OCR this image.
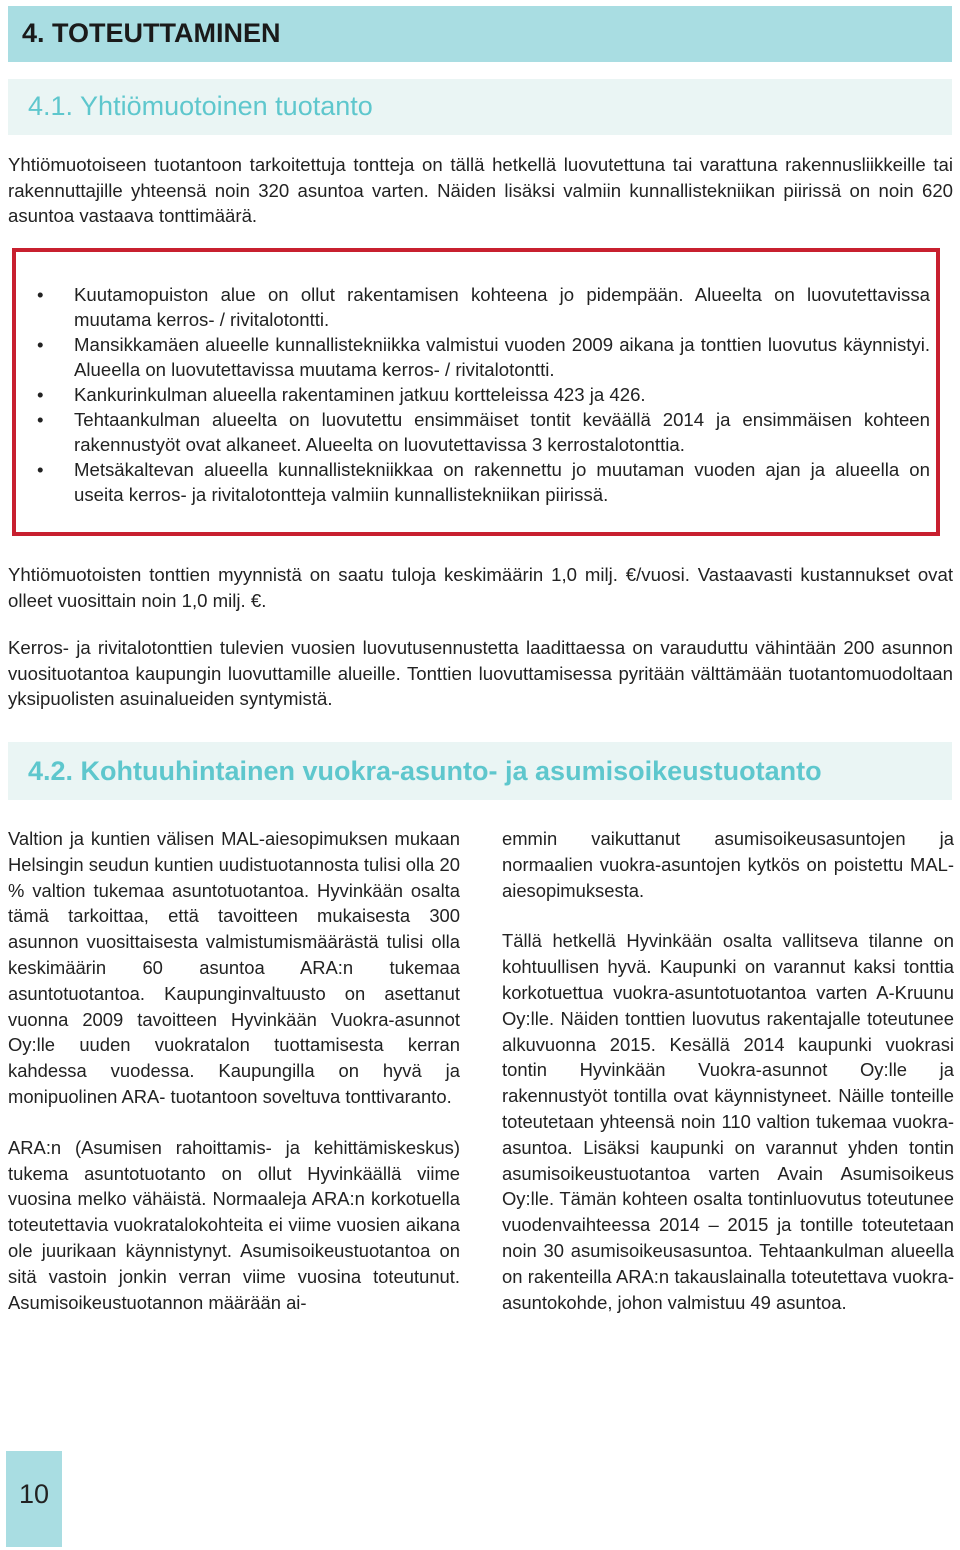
4. TOTEUTTAMINEN
4.1. Yhtiömuotoinen tuotanto

Yhtiömuotoiseen tuotantoon tarkoitettuja tontteja on tällä hetkellä luovutettuna tai varattuna rakennusliikkeille tai rakennuttajille yhteensä noin 320 asuntoa varten. Näiden lisäksi valmiin kunnallistekniikan piirissä on noin 620 asuntoa vastaava tonttimäärä.

• Kuutamopuiston alue on ollut rakentamisen kohteena jo pidempään. Alueelta on luovutettavissa muutama kerros- / rivitalotontti.
• Mansikkamäen alueelle kunnallistekniikka valmistui vuoden 2009 aikana ja tonttien luovutus käynnistyi. Alueella on luovutettavissa muutama kerros- / rivitalotontti.
• Kankurinkulman alueella rakentaminen jatkuu kortteleissa 423 ja 426.
• Tehtaankulman alueelta on luovutettu ensimmäiset tontit keväällä 2014 ja ensimmäisen kohteen rakennustyöt ovat alkaneet. Alueelta on luovutettavissa 3 kerrostalotonttia.
• Metsäkaltevan alueella kunnallistekniikkaa on rakennettu jo muutaman vuoden ajan ja alueella on useita kerros- ja rivitalotontteja valmiin kunnallistekniikan piirissä.

Yhtiömuotoisten tonttien myynnistä on saatu tuloja keskimäärin 1,0 milj. €/vuosi. Vastaavasti kustannukset ovat olleet vuosittain noin 1,0 milj. €.

Kerros- ja rivitalotonttien tulevien vuosien luovutusennustetta laadittaessa on varauduttu vähintään 200 asunnon vuosituotantoa kaupungin luovuttamille alueille. Tonttien luovuttamisessa pyritään välttämään tuotantomuodoltaan yksipuolisten asuinalueiden syntymistä.

4.2. Kohtuuhintainen vuokra-asunto- ja asumisoikeustuotanto

Valtion ja kuntien välisen MAL-aiesopimuksen mukaan Helsingin seudun kuntien uudistuotannosta tulisi olla 20 % valtion tukemaa asuntotuotantoa. Hyvinkään osalta tämä tarkoittaa, että tavoitteen mukaisesta 300 asunnon vuosittaisesta valmistumismäärästä tulisi olla keskimäärin 60 asuntoa ARA:n tukemaa asuntotuotantoa. Kaupunginvaltuusto on asettanut vuonna 2009 tavoitteen Hyvinkään Vuokra-asunnot Oy:lle uuden vuokratalon tuottamisesta kerran kahdessa vuodessa. Kaupungilla on hyvä ja monipuolinen ARA- tuotantoon soveltuva tonttivaranto.

ARA:n (Asumisen rahoittamis- ja kehittämiskeskus) tukema asuntotuotanto on ollut Hyvinkäällä viime vuosina melko vähäistä. Normaaleja ARA:n korkotuella toteutettavia vuokratalokohteita ei viime vuosien aikana ole juurikaan käynnistynyt. Asumisoikeustuotantoa on sitä vastoin jonkin verran viime vuosina toteutunut. Asumisoikeustuotannon määrään ai-

emmin vaikuttanut asumisoikeusasuntojen ja normaalien vuokra-asuntojen kytkös on poistettu MAL-aiesopimuksesta.

Tällä hetkellä Hyvinkään osalta vallitseva tilanne on kohtuullisen hyvä. Kaupunki on varannut kaksi tonttia korkotuettua vuokra-asuntotuotantoa varten A-Kruunu Oy:lle. Näiden tonttien luovutus rakentajalle toteutunee alkuvuonna 2015. Kesällä 2014 kaupunki vuokrasi tontin Hyvinkään Vuokra-asunnot Oy:lle ja rakennustyöt tontilla ovat käynnistyneet. Näille tonteille toteutetaan yhteensä noin 110 valtion tukemaa vuokra-asuntoa. Lisäksi kaupunki on varannut yhden tontin asumisoikeustuotantoa varten Avain Asumisoikeus Oy:lle. Tämän kohteen osalta tontinluovutus toteutunee vuodenvaihteessa 2014 – 2015 ja tontille toteutetaan noin 30 asumisoikeusasuntoa. Tehtaankulman alueella on rakenteilla ARA:n takauslainalla toteutettava vuokra-asuntokohde, johon valmistuu 49 asuntoa.

10
